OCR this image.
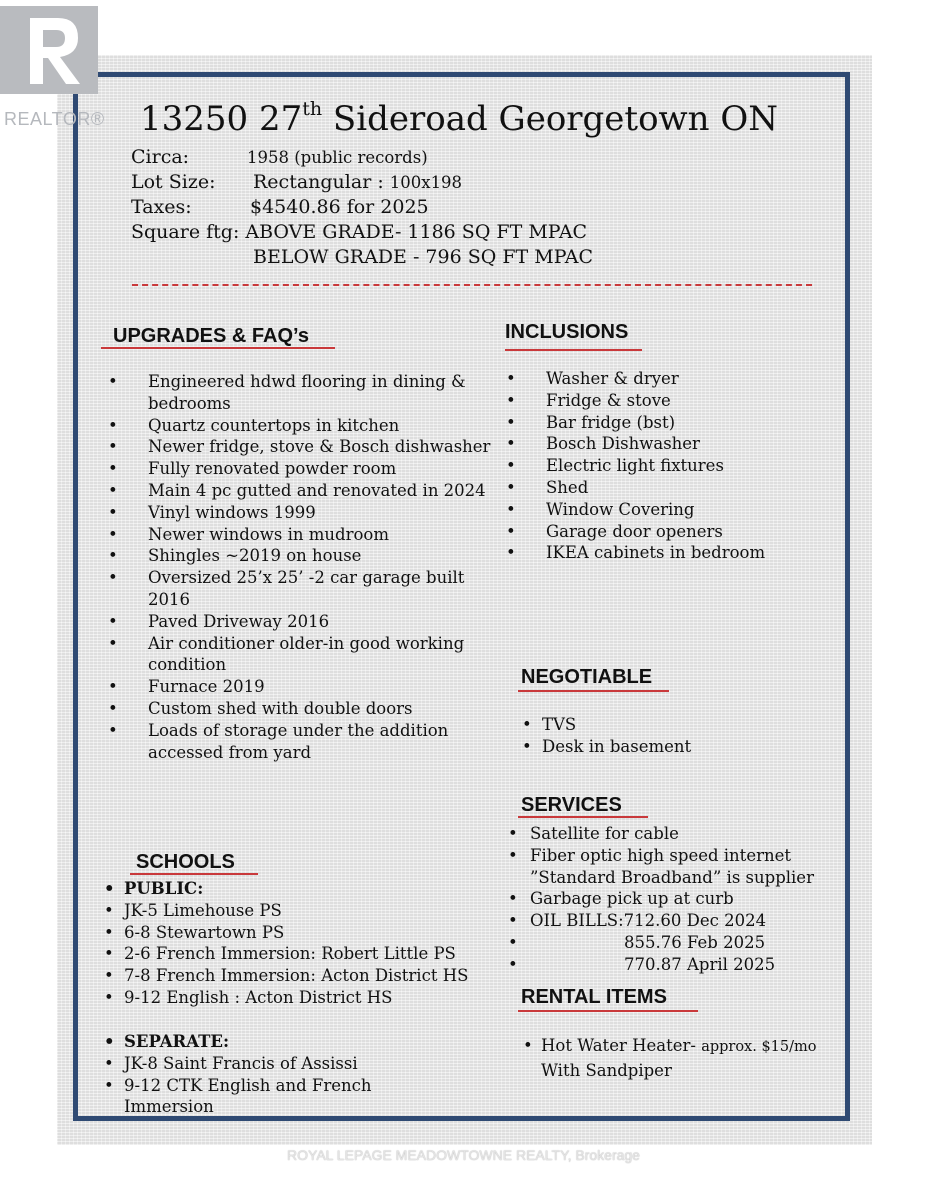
REALTOR® 13250 27th Sideroad Georgetown ON
Circa:	1958 (public records)
Lot Size: Rectangular : 100x198
Taxes:	$4540.86 for 2025
Square ftg: ABOVE GRADE- 1186 SQ FT MPAC
BELOW GRADE - 796 SQ FT MPAC
UPGRADES & FAQ’s
• Engineered hdwd flooring in dining & bedrooms
• Quartz countertops in kitchen
• Newer fridge, stove & Bosch dishwasher
• Fully renovated powder room
• Main 4 pc gutted and renovated in 2024
• Vinyl windows 1999
• Newer windows in mudroom
• Shingles ~2019 on house
• Oversized 25’x 25’ -2 car garage built 2016
• Paved Driveway 2016
• Air conditioner older-in good working condition
• Furnace 2019
• Custom shed with double doors
• Loads of storage under the addition accessed from yard
INCLUSIONS
• Washer & dryer
• Fridge & stove
• Bar fridge (bst)
• Bosch Dishwasher
• Electric light fixtures
• Shed
• Window Covering
• Garage door openers
• IKEA cabinets in bedroom
NEGOTIABLE
• TVS
• Desk in basement
SERVICES
• Satellite for cable
• Fiber optic high speed internet ”Standard Broadband” is supplier
• Garbage pick up at curb
• OIL BILLS:712.60 Dec 2024
•	855.76 Feb 2025
•	770.87 April 2025
RENTAL ITEMS
• Hot Water Heater- approx. $15/mo
With Sandpiper
SCHOOLS
• PUBLIC:
• JK-5 Limehouse PS
• 6-8 Stewartown PS
• 2-6 French Immersion: Robert Little PS
• 7-8 French Immersion: Acton District HS
• 9-12 English : Acton District HS
• SEPARATE:
• JK-8 Saint Francis of Assissi
• 9-12 CTK English and French Immersion
ROYAL LEPAGE MEADOWTOWNE REALTY, Brokerage
